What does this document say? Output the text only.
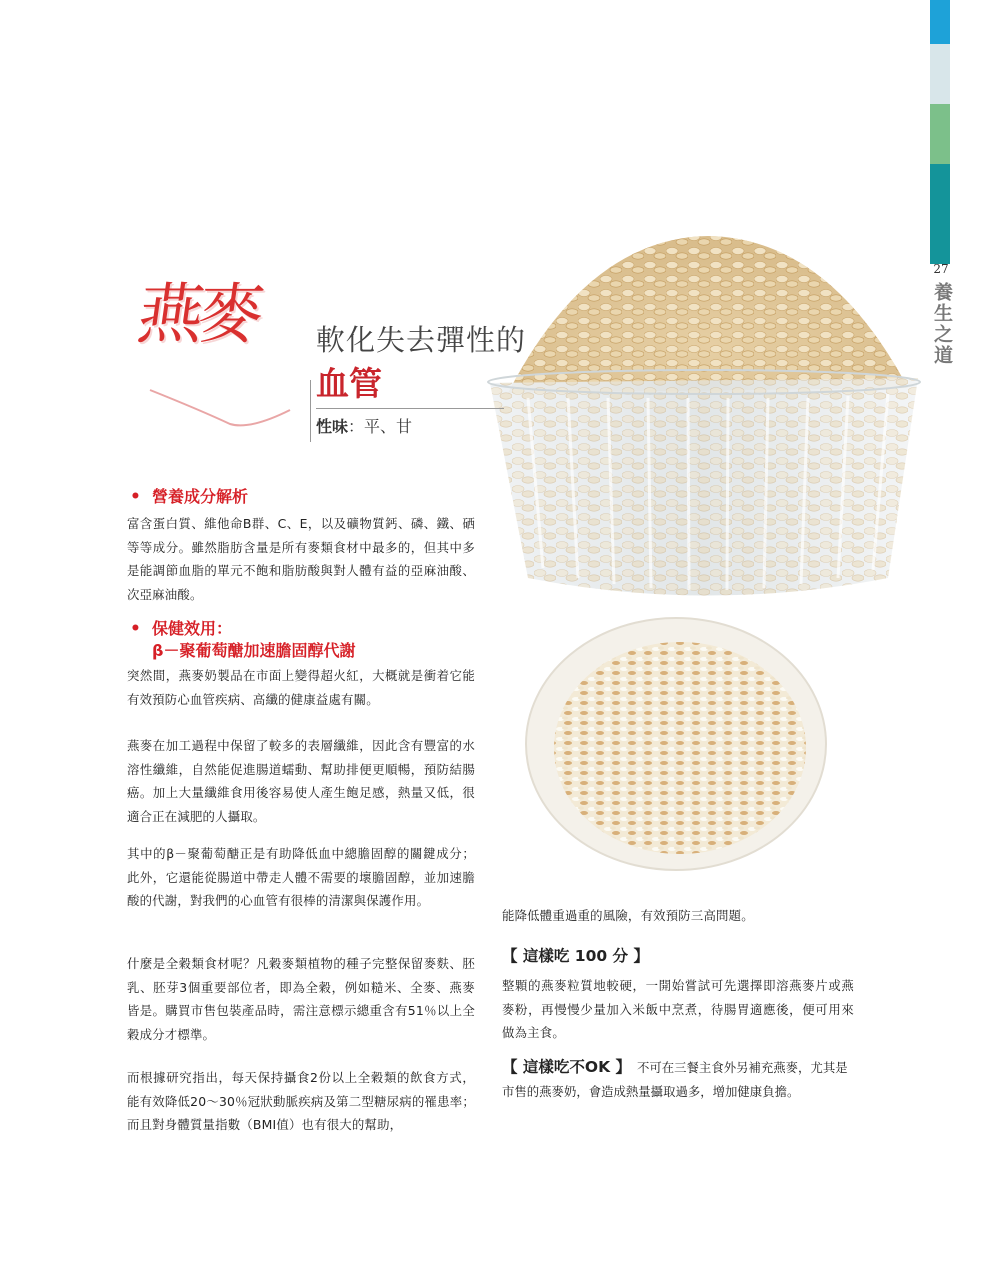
27
養生之道
燕麥 軟化失去彈性的
血管
性味：平、甘
• 營養成分解析
富含蛋白質、維他命B群、C、E，以及礦物質鈣、磷、鐵、硒等等成分。雖然脂肪含量是所有麥類食材中最多的，但其中多是能調節血脂的單元不飽和脂肪酸與對人體有益的亞麻油酸、次亞麻油酸。
• 保健效用：
β－聚葡萄醣加速膽固醇代謝
突然間，燕麥奶製品在市面上變得超火紅，大概就是衝着它能有效預防心血管疾病、高纖的健康益處有關。
燕麥在加工過程中保留了較多的表層纖維，因此含有豐富的水溶性纖維，自然能促進腸道蠕動、幫助排便更順暢，預防結腸癌。加上大量纖維食用後容易使人產生飽足感，熱量又低，很適合正在減肥的人攝取。
其中的β－聚葡萄醣正是有助降低血中總膽固醇的關鍵成分；此外，它還能從腸道中帶走人體不需要的壞膽固醇，並加速膽酸的代謝，對我們的心血管有很棒的清潔與保護作用。
什麼是全穀類食材呢？凡穀麥類植物的種子完整保留麥麩、胚乳、胚芽3個重要部位者，即為全穀，例如糙米、全麥、燕麥皆是。購買市售包裝產品時，需注意標示總重含有51％以上全穀成分才標準。
而根據研究指出，每天保持攝食2份以上全穀類的飲食方式，能有效降低20～30％冠狀動脈疾病及第二型糖尿病的罹患率；而且對身體質量指數（BMI值）也有很大的幫助，
能降低體重過重的風險，有效預防三高問題。
【 這樣吃 100 分 】
整顆的燕麥粒質地較硬，一開始嘗試可先選擇即溶燕麥片或燕麥粉，再慢慢少量加入米飯中烹煮，待腸胃適應後，便可用來做為主食。
【 這樣吃不OK 】 不可在三餐主食外另補充燕麥，尤其是市售的燕麥奶，會造成熱量攝取過多，增加健康負擔。
